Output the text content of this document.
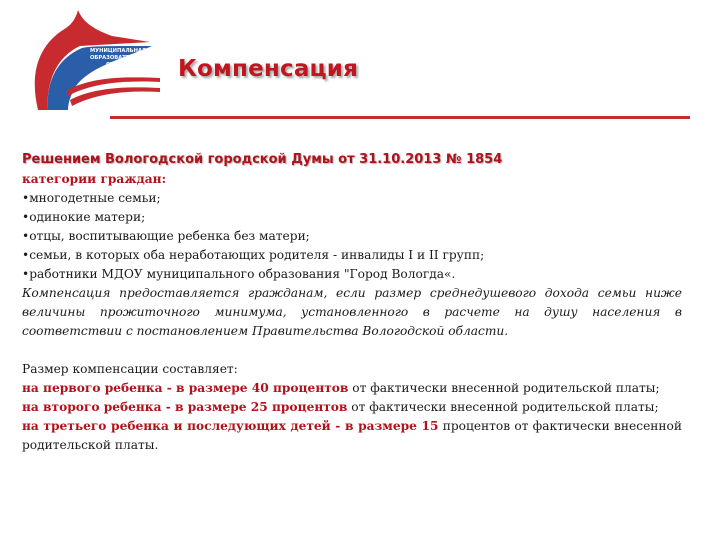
МУНИЦИПАЛЬНАЯ
ОБРАЗОВАТЕЛЬНАЯ
СИСТЕМА
ВОЛОГДЫ Компенсация
Решением Вологодской городской Думы от 31.10.2013 № 1854
категории граждан:
•многодетные семьи;
•одинокие матери;
•отцы, воспитывающие ребенка без матери;
•семьи, в которых оба неработающих родителя - инвалиды I и II групп;
•работники МДОУ муниципального образования "Город Вологда«.
Компенсация предоставляется гражданам, если размер среднедушевого дохода семьи ниже величины прожиточного минимума, установленного в расчете на душу населения в соответствии с постановлением Правительства Вологодской области.
Размер компенсации составляет:
на первого ребенка - в размере 40 процентов от фактически внесенной родительской платы;
на второго ребенка - в размере 25 процентов от фактически внесенной родительской платы;
на третьего ребенка и последующих детей - в размере 15 процентов от фактически внесенной родительской платы.
